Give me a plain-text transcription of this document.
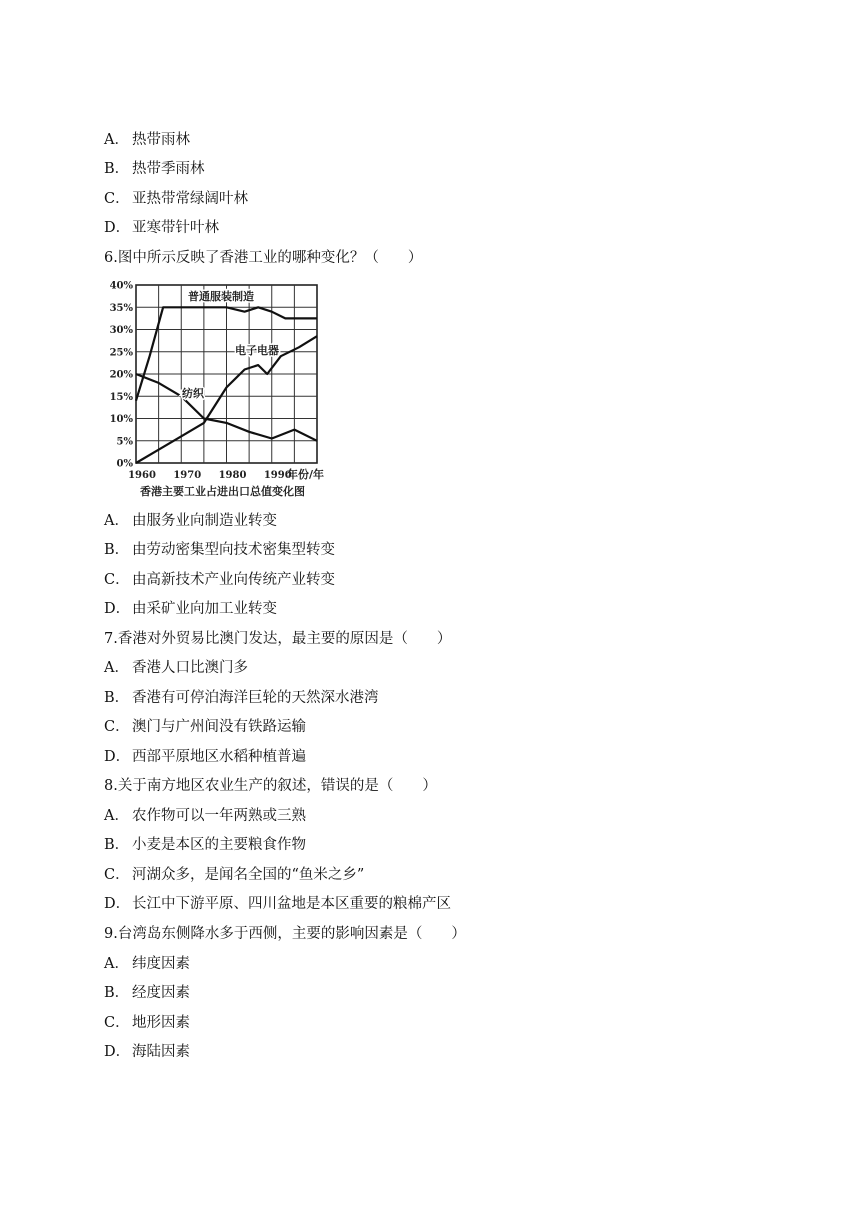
A． 热带雨林
B． 热带季雨林
C． 亚热带常绿阔叶林
D． 亚寒带针叶林
6.图中所示反映了香港工业的哪种变化？（　　）
0%
5%
10%
15%
20%
25%
30%
35%
40%
1960 1970 1980 1990
年份/年
普通服装制造
电子电器
纺织
香港主要工业占进出口总值变化图
A． 由服务业向制造业转变
B． 由劳动密集型向技术密集型转变
C． 由高新技术产业向传统产业转变
D． 由采矿业向加工业转变
7.香港对外贸易比澳门发达，最主要的原因是（　　）
A． 香港人口比澳门多
B． 香港有可停泊海洋巨轮的天然深水港湾
C． 澳门与广州间没有铁路运输
D． 西部平原地区水稻种植普遍
8.关于南方地区农业生产的叙述，错误的是（　　）
A． 农作物可以一年两熟或三熟
B． 小麦是本区的主要粮食作物
C． 河湖众多，是闻名全国的“鱼米之乡”
D． 长江中下游平原、四川盆地是本区重要的粮棉产区
9.台湾岛东侧降水多于西侧，主要的影响因素是（　　）
A． 纬度因素
B． 经度因素
C． 地形因素
D． 海陆因素
